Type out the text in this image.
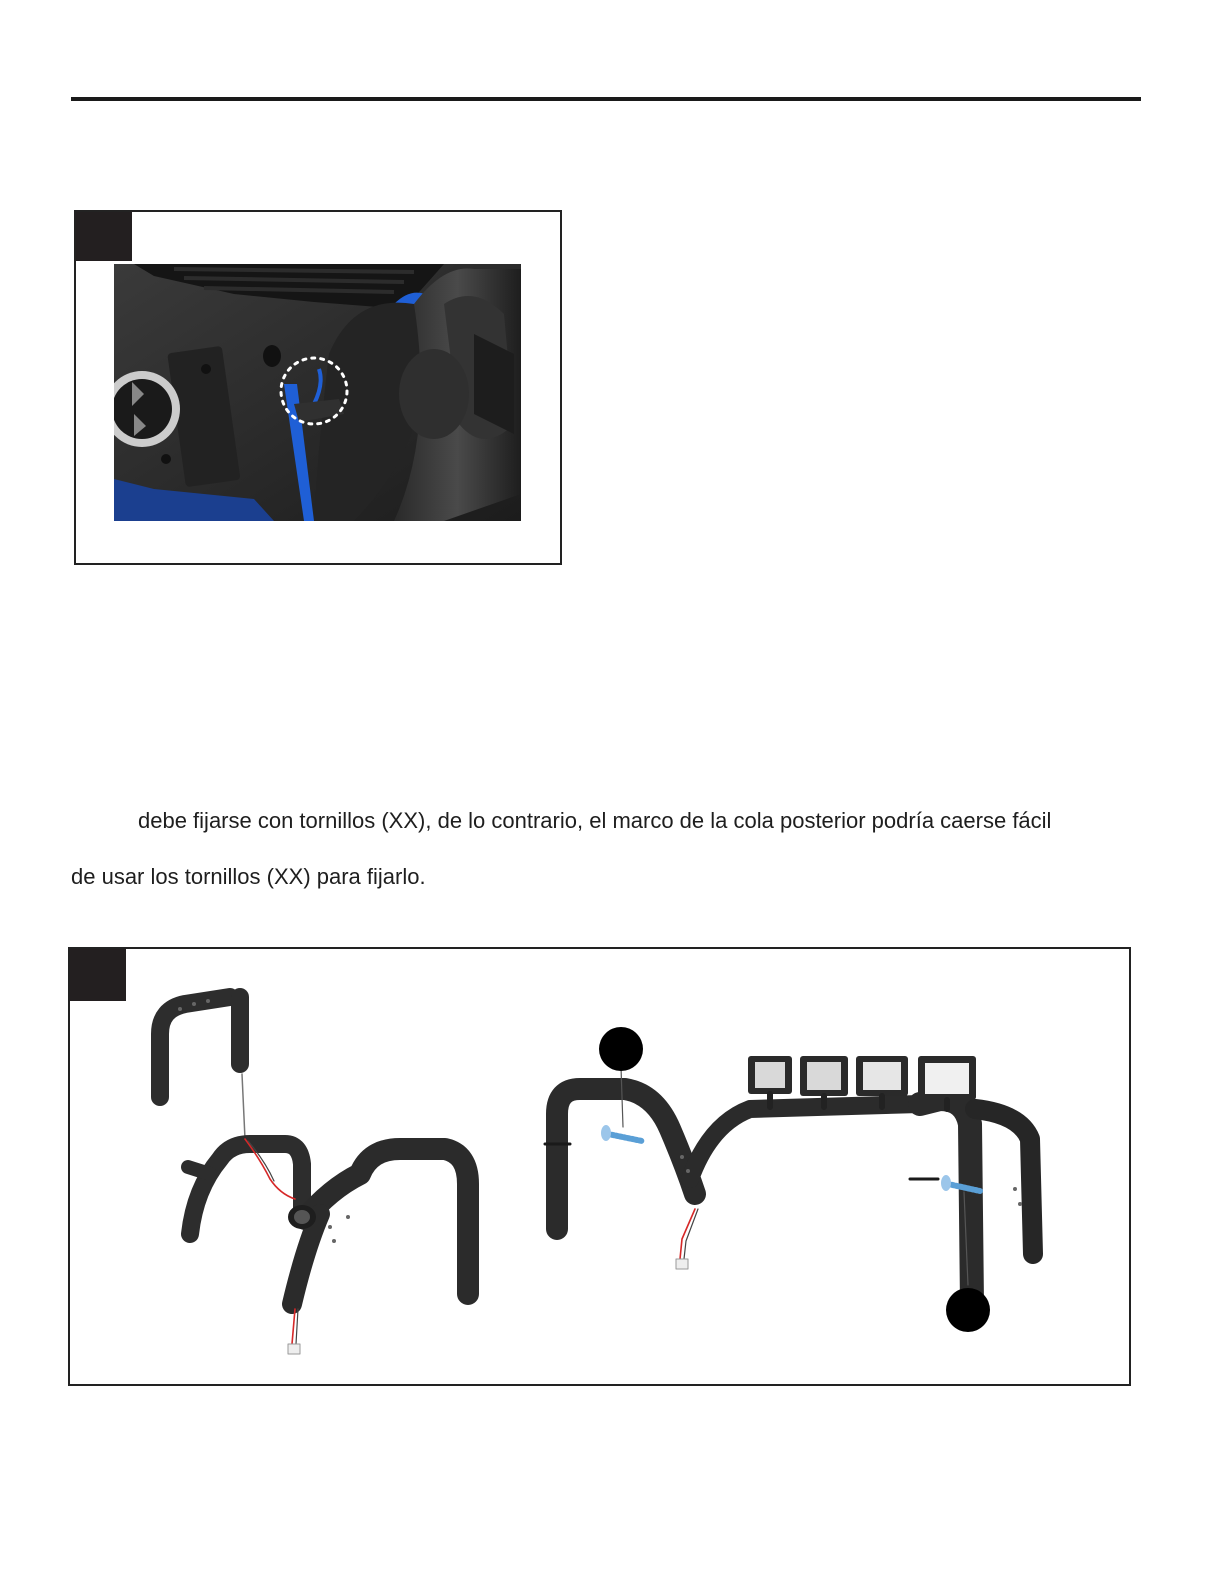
debe fijarse con tornillos (XX), de lo contrario, el marco de la cola posterior podría caerse fácil
de usar los tornillos (XX) para fijarlo.
